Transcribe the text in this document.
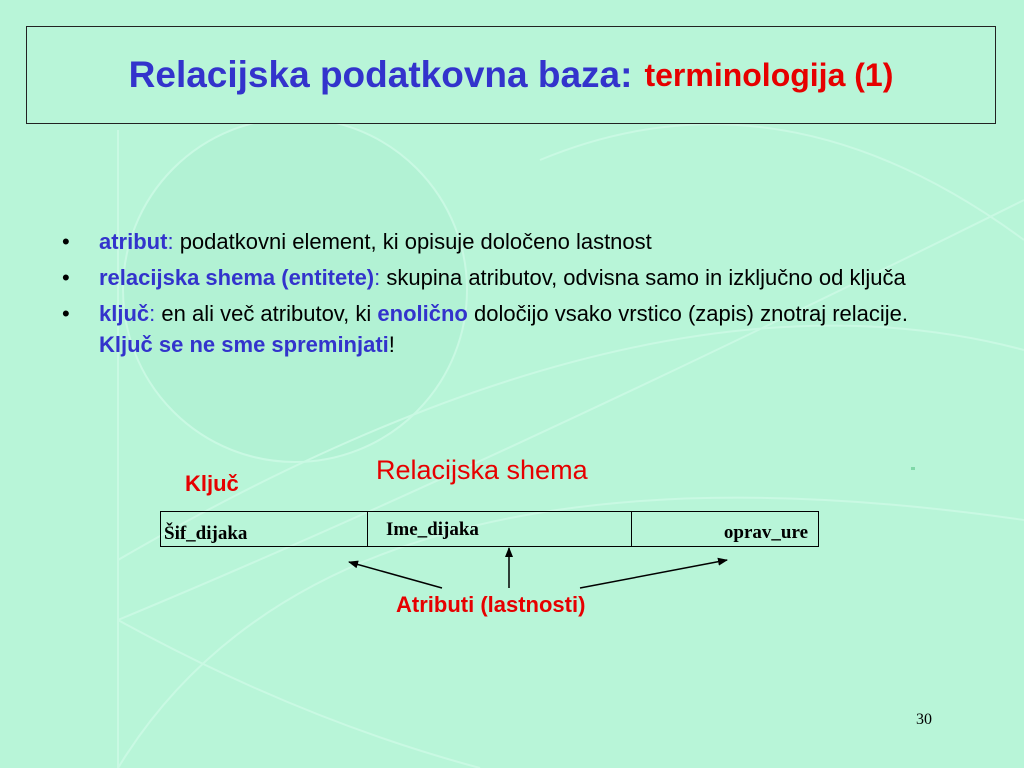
Relacijska podatkovna baza: terminologija (1)
• atribut: podatkovni element, ki opisuje določeno lastnost
• relacijska shema (entitete): skupina atributov, odvisna samo in izključno od ključa
• ključ: en ali več atributov, ki enolično določijo vsako vrstico (zapis) znotraj relacije. Ključ se ne sme spreminjati!
Ključ	Relacijska shema
Šif_dijaka	Ime_dijaka	oprav_ure
Atributi (lastnosti)
30
